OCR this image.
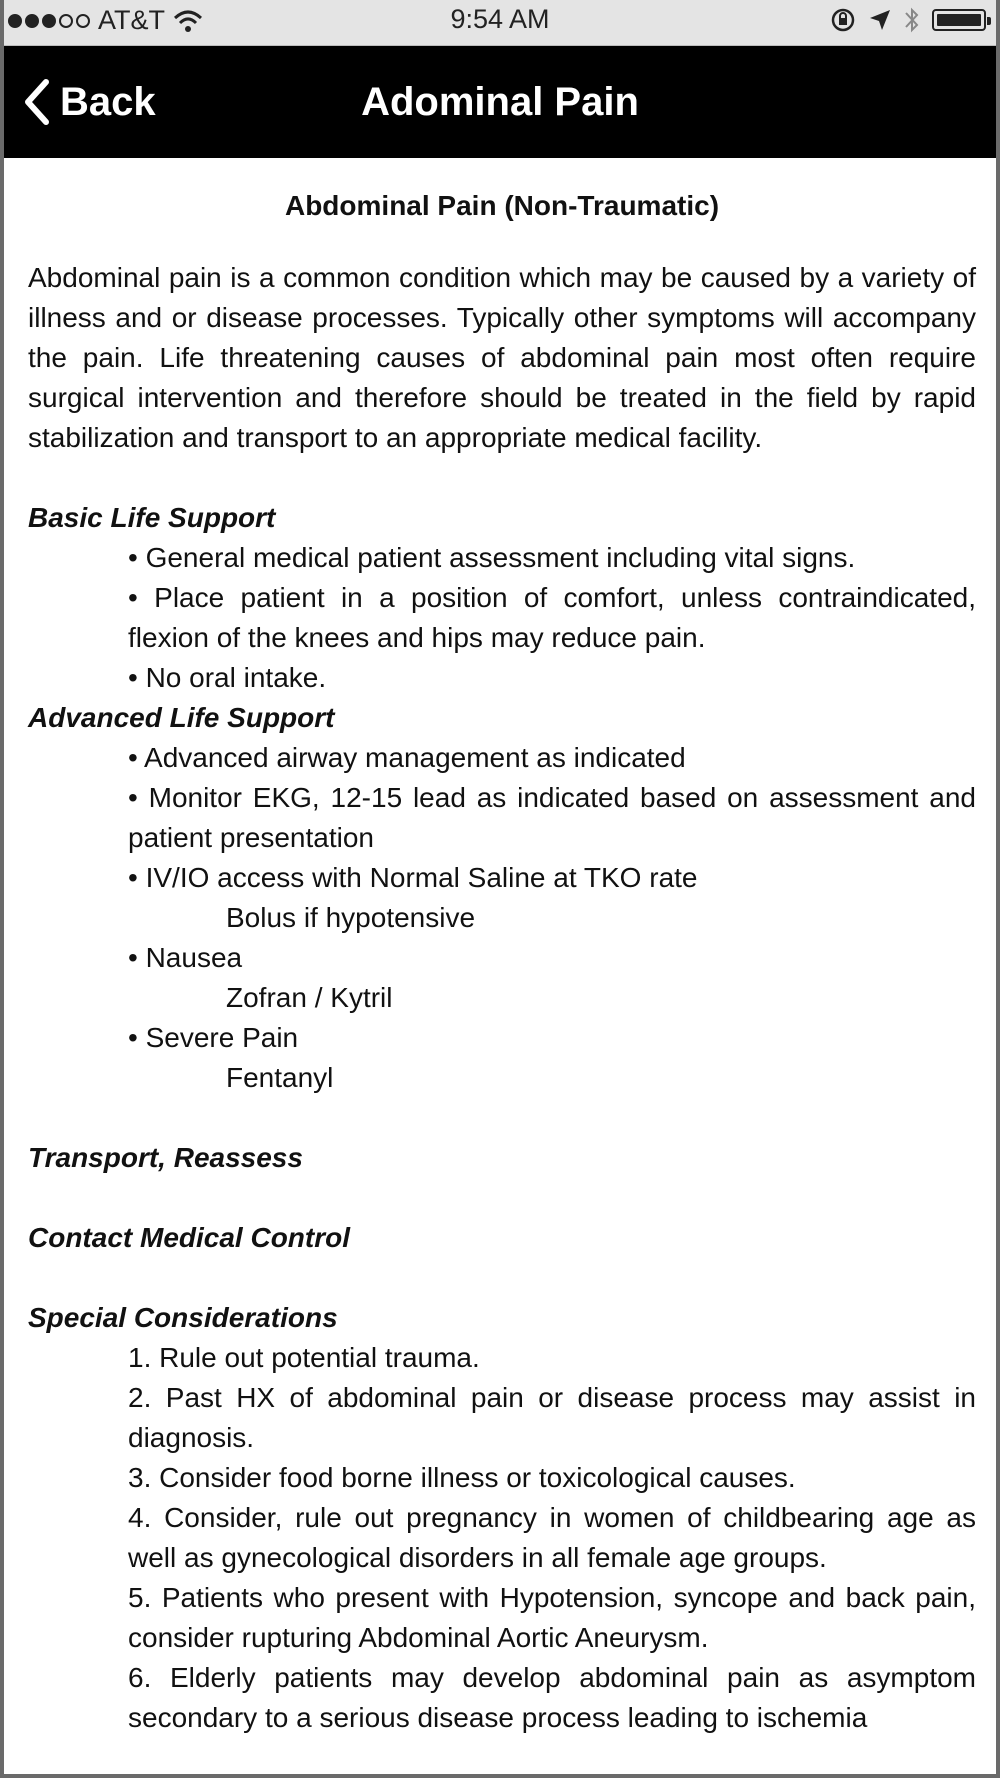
AT&T	9:54 AM
Back	Adominal Pain
Abdominal Pain (Non-Traumatic)

Abdominal pain is a common condition which may be caused by a variety of illness and or disease processes. Typically other symptoms will accompany the pain. Life threatening causes of abdominal pain most often require surgical intervention and therefore should be treated in the field by rapid stabilization and transport to an appropriate medical facility.

Basic Life Support

• General medical patient assessment including vital signs.
• Place patient in a position of comfort, unless contraindicated, flexion of the knees and hips may reduce pain.
• No oral intake.

Advanced Life Support

• Advanced airway management as indicated
• Monitor EKG, 12-15 lead as indicated based on assessment and patient presentation
• IV/IO access with Normal Saline at TKO rate
Bolus if hypotensive
• Nausea
Zofran / Kytril
• Severe Pain
Fentanyl

Transport, Reassess

Contact Medical Control

Special Considerations

1. Rule out potential trauma.
2. Past HX of abdominal pain or disease process may assist in diagnosis.
3. Consider food borne illness or toxicological causes.
4. Consider, rule out pregnancy in women of childbearing age as well as gynecological disorders in all female age groups.
5. Patients who present with Hypotension, syncope and back pain, consider rupturing Abdominal Aortic Aneurysm.
6. Elderly patients may develop abdominal pain as asymptom secondary to a serious disease process leading to ischemia
